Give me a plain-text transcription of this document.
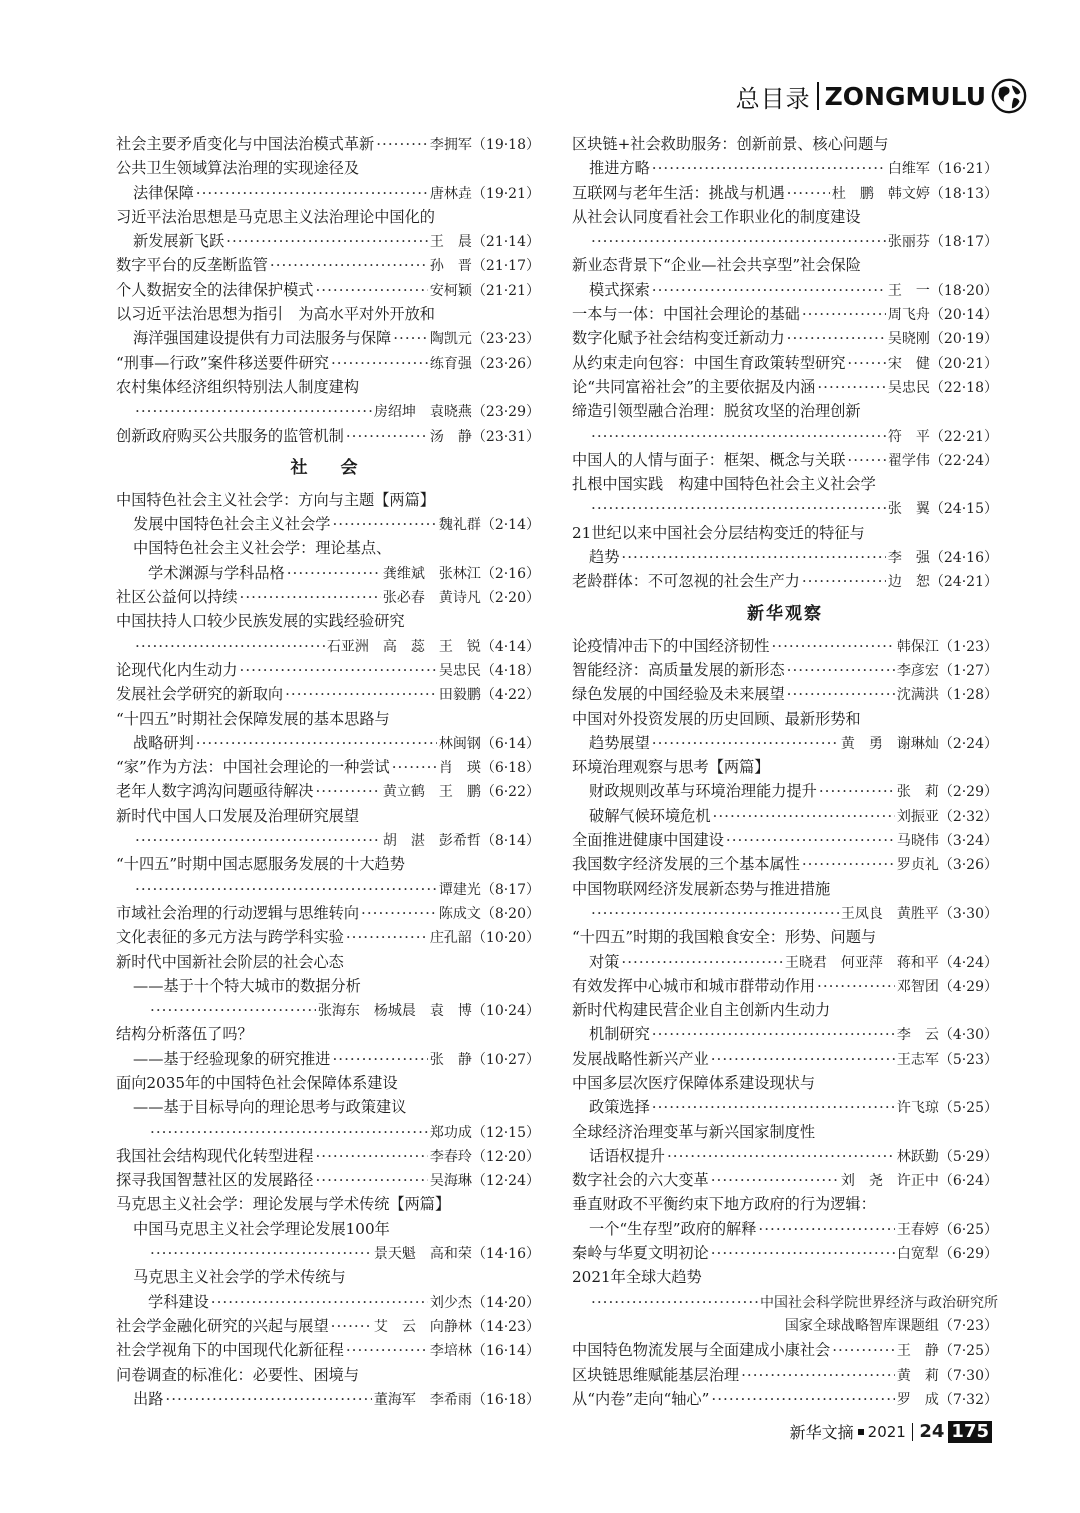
总目录 ZONGMULU
社会主要矛盾变化与中国法治模式革新 ·····	李拥军（19·18）
公共卫生领域算法治理的实现途径及
法律保障 ·····	唐林垚（19·21）
习近平法治思想是马克思主义法治理论中国化的
新发展新飞跃 ·····	王　晨（21·14）
数字平台的反垄断监管 ·····	孙　晋（21·17）
个人数据安全的法律保护模式 ·····	安柯颖（21·21）
以习近平法治思想为指引　为高水平对外开放和
海洋强国建设提供有力司法服务与保障 ·····	陶凯元（23·23）
“刑事—行政”案件移送要件研究 ·····	练育强（23·26）
农村集体经济组织特别法人制度建构
·····
房绍坤　袁晓燕（23·29）
创新政府购买公共服务的监管机制 ·····	汤　静（23·31）
社　会
中国特色社会主义社会学：方向与主题【两篇】
发展中国特色社会主义社会学 ·····	魏礼群（2·14）
中国特色社会主义社会学：理论基点、
学术渊源与学科品格 ·····	龚维斌　张林江（2·16）
社区公益何以持续 ·····	张必春　黄诗凡（2·20）
中国扶持人口较少民族发展的实践经验研究
·····
石亚洲　高　蕊　王　锐（4·14）
论现代化内生动力 ·····	吴忠民（4·18）
发展社会学研究的新取向 ·····	田毅鹏（4·22）
“十四五”时期社会保障发展的基本思路与
战略研判 ·····	林闽钢（6·14）
“家”作为方法：中国社会理论的一种尝试 ·····	肖　瑛（6·18）
老年人数字鸿沟问题亟待解决 ·····	黄立鹤　王　鹏（6·22）
新时代中国人口发展及治理研究展望
·····
胡　湛　彭希哲（8·14）
“十四五”时期中国志愿服务发展的十大趋势
·····
谭建光（8·17）
市域社会治理的行动逻辑与思维转向 ·····	陈成文（8·20）
文化表征的多元方法与跨学科实验 ·····	庄孔韶（10·20）
新时代中国新社会阶层的社会心态
——基于十个特大城市的数据分析
·····
张海东　杨城晨　袁　博（10·24）
结构分析落伍了吗？
——基于经验现象的研究推进 ·····	张　静（10·27）
面向2035年的中国特色社会保障体系建设
——基于目标导向的理论思考与政策建议
·····
郑功成（12·15）
我国社会结构现代化转型进程 ·····	李春玲（12·20）
探寻我国智慧社区的发展路径 ·····	吴海琳（12·24）
马克思主义社会学：理论发展与学术传统【两篇】
中国马克思主义社会学理论发展100年
·····
景天魁　高和荣（14·16）
马克思主义社会学的学术传统与
学科建设 ·····	刘少杰（14·20）
社会学金融化研究的兴起与展望 ·····	艾　云　向静林（14·23）
社会学视角下的中国现代化新征程 ·····	李培林（16·14）
问卷调查的标准化：必要性、困境与
出路 ·····	董海军　李希雨（16·18）
区块链+社会救助服务：创新前景、核心问题与
推进方略 ·····	白维军（16·21）
互联网与老年生活：挑战与机遇 ·····	杜　鹏　韩文婷（18·13）
从社会认同度看社会工作职业化的制度建设
·····
张丽芬（18·17）
新业态背景下“企业—社会共享型”社会保险
模式探索 ·····	王　一（18·20）
一本与一体：中国社会理论的基础 ·····	周飞舟（20·14）
数字化赋予社会结构变迁新动力 ·····	吴晓刚（20·19）
从约束走向包容：中国生育政策转型研究 ·····	宋　健（20·21）
论“共同富裕社会”的主要依据及内涵 ·····	吴忠民（22·18）
缔造引领型融合治理：脱贫攻坚的治理创新
·····
符　平（22·21）
中国人的人情与面子：框架、概念与关联 ·····	翟学伟（22·24）
扎根中国实践　构建中国特色社会主义社会学
·····
张　翼（24·15）
21世纪以来中国社会分层结构变迁的特征与
趋势 ·····	李　强（24·16）
老龄群体：不可忽视的社会生产力 ·····	边　恕（24·21）
新华观察
论疫情冲击下的中国经济韧性 ·····	韩保江（1·23）
智能经济：高质量发展的新形态 ·····	李彦宏（1·27）
绿色发展的中国经验及未来展望 ·····	沈满洪（1·28）
中国对外投资发展的历史回顾、最新形势和
趋势展望 ·····	黄　勇　谢琳灿（2·24）
环境治理观察与思考【两篇】
财政规则改革与环境治理能力提升 ·····	张　莉（2·29）
破解气候环境危机 ·····	刘振亚（2·32）
全面推进健康中国建设 ·····	马晓伟（3·24）
我国数字经济发展的三个基本属性 ·····	罗贞礼（3·26）
中国物联网经济发展新态势与推进措施
·····
王凤良　黄胜平（3·30）
“十四五”时期的我国粮食安全：形势、问题与
对策 ·····	王晓君　何亚萍　蒋和平（4·24）
有效发挥中心城市和城市群带动作用 ·····	邓智团（4·29）
新时代构建民营企业自主创新内生动力
机制研究 ·····	李　云（4·30）
发展战略性新兴产业 ·····	王志军（5·23）
中国多层次医疗保障体系建设现状与
政策选择 ·····	许飞琼（5·25）
全球经济治理变革与新兴国家制度性
话语权提升 ·····	林跃勤（5·29）
数字社会的六大变革 ·····	刘　尧　许正中（6·24）
垂直财政不平衡约束下地方政府的行为逻辑：
一个“生存型”政府的解释 ·····	王春婷（6·25）
秦岭与华夏文明初论 ·····	白宽犁（6·29）
2021年全球大趋势
·····
中国社会科学院世界经济与政治研究所
国家全球战略智库课题组（7·23）
中国特色物流发展与全面建成小康社会 ·····	王　静（7·25）
区块链思维赋能基层治理 ·····	黄　莉（7·30）
从“内卷”走向“轴心” ·····	罗　成（7·32）
新华文摘 2021 24 175
